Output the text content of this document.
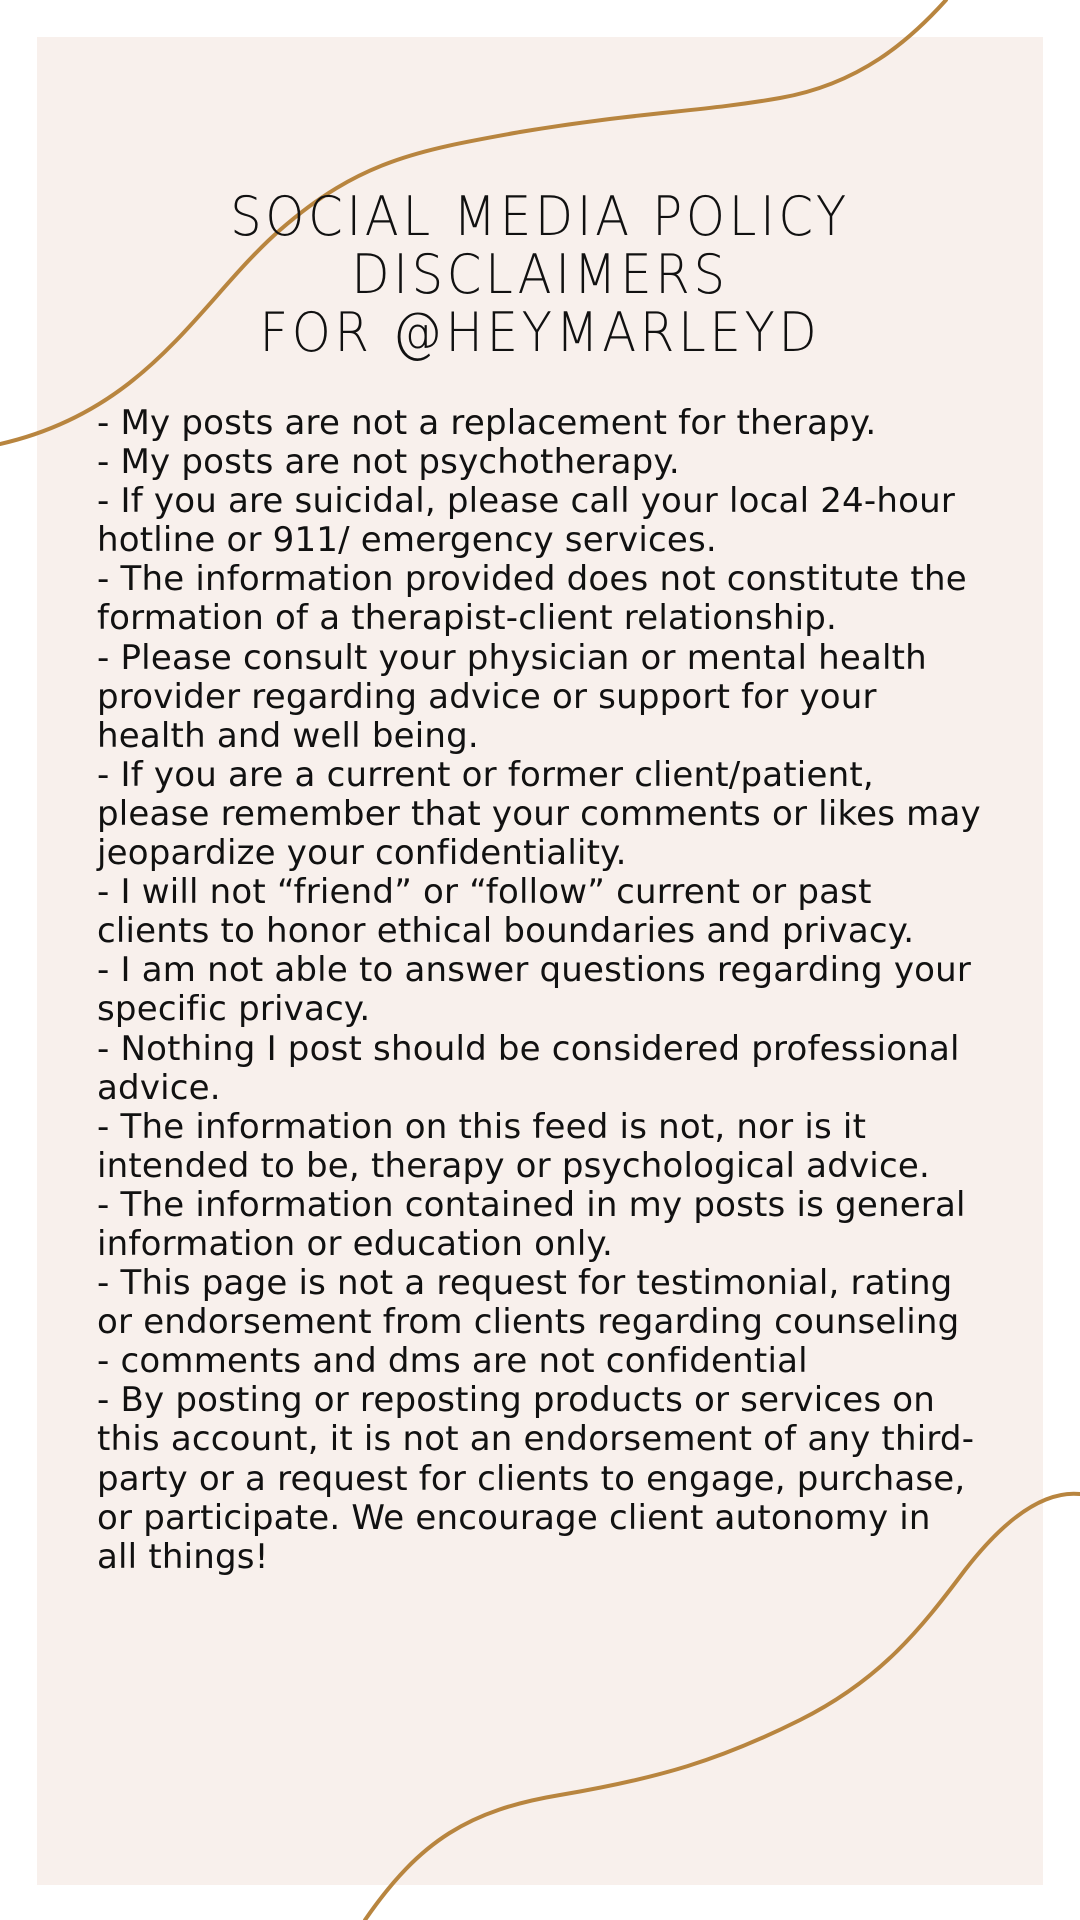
SOCIAL MEDIA POLICY
DISCLAIMERS
FOR @HEYMARLEYD
- My posts are not a replacement for therapy.
- My posts are not psychotherapy.
- If you are suicidal, please call your local 24-hour
hotline or 911/ emergency services.
- The information provided does not constitute the
formation of a therapist-client relationship.
- Please consult your physician or mental health
provider regarding advice or support for your
health and well being.
- If you are a current or former client/patient,
please remember that your comments or likes may
jeopardize your confidentiality.
- I will not “friend” or “follow” current or past
clients to honor ethical boundaries and privacy.
- I am not able to answer questions regarding your
specific privacy.
- Nothing I post should be considered professional
advice.
- The information on this feed is not, nor is it
intended to be, therapy or psychological advice.
- The information contained in my posts is general
information or education only.
- This page is not a request for testimonial, rating
or endorsement from clients regarding counseling
- comments and dms are not confidential
- By posting or reposting products or services on
this account, it is not an endorsement of any third-
party or a request for clients to engage, purchase,
or participate. We encourage client autonomy in
all things!
